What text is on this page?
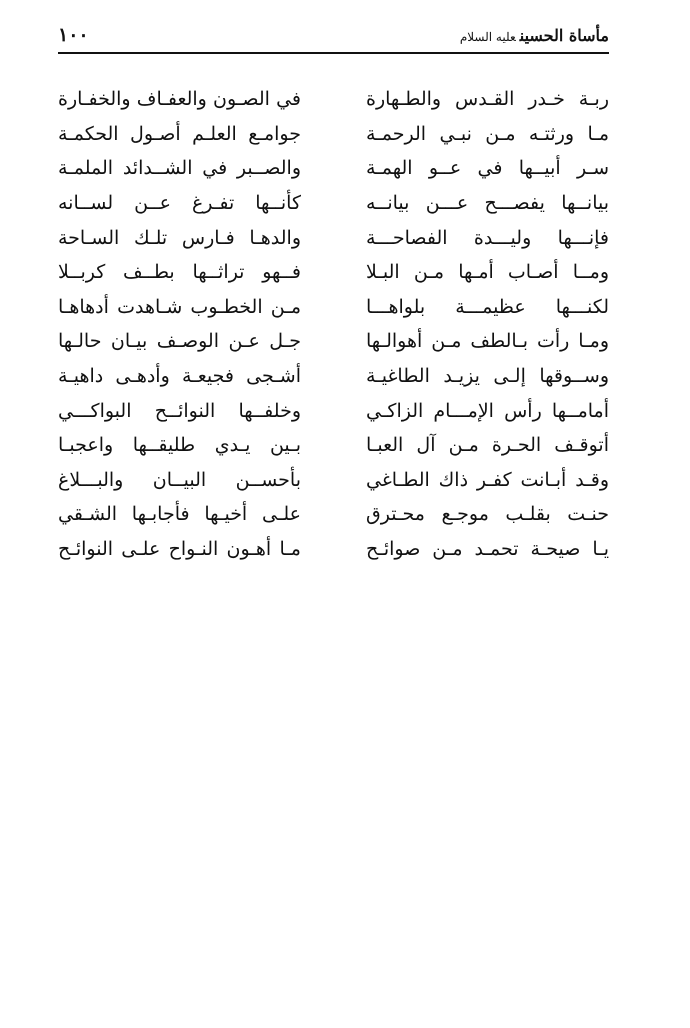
١٠٠	مأساة الحسينعليه السلام
ربـة خـدر القـدس والطـهارة
في الصـون والعفـاف والخفـارة
مـا ورثتـه مـن نبـي الرحمـة
جوامـع العلـم أصـول الحكمـة
سـر أبيــها في عــو الهمـة
والصــبر في الشــدائد الملمـة
بيانــها يفصـــح عـــن بيانــه
كأنــها تفـرغ عــن لســانه
فإنـــها وليـــدة الفصاحـــة
والدهـا فـارس تلـك السـاحة
ومــا أصـاب أمـها مـن البـلا
فــهو تراثــها بطــف كربــلا
لكنـــها عظيمـــة بلواهـــا
مـن الخطـوب شـاهدت أدهاهـا
ومـا رأت بـالطف مـن أهوالـها
جـل عـن الوصـف بيـان حالـها
وســوقها إلـى يزيـد الطاغيـة
أشـجى فجيعـة وأدهـى داهيـة
أمامــها رأس الإمـــام الزاكـي
وخلفــها النوائــح البواكـــي
أتوقـف الحـرة مـن آل العبـا
بـين يـدي طليقــها واعجبـا
وقـد أبـانت كفـر ذاك الطـاغي
بأحســن البيــان والبـــلاغ
حنـت بقلـب موجـع محـترق
علـى أخيـها فأجابـها الشـقي
يـا صيحـة تحمـد مـن صوائـح
مـا أهـون النـواح علـى النوائـح
